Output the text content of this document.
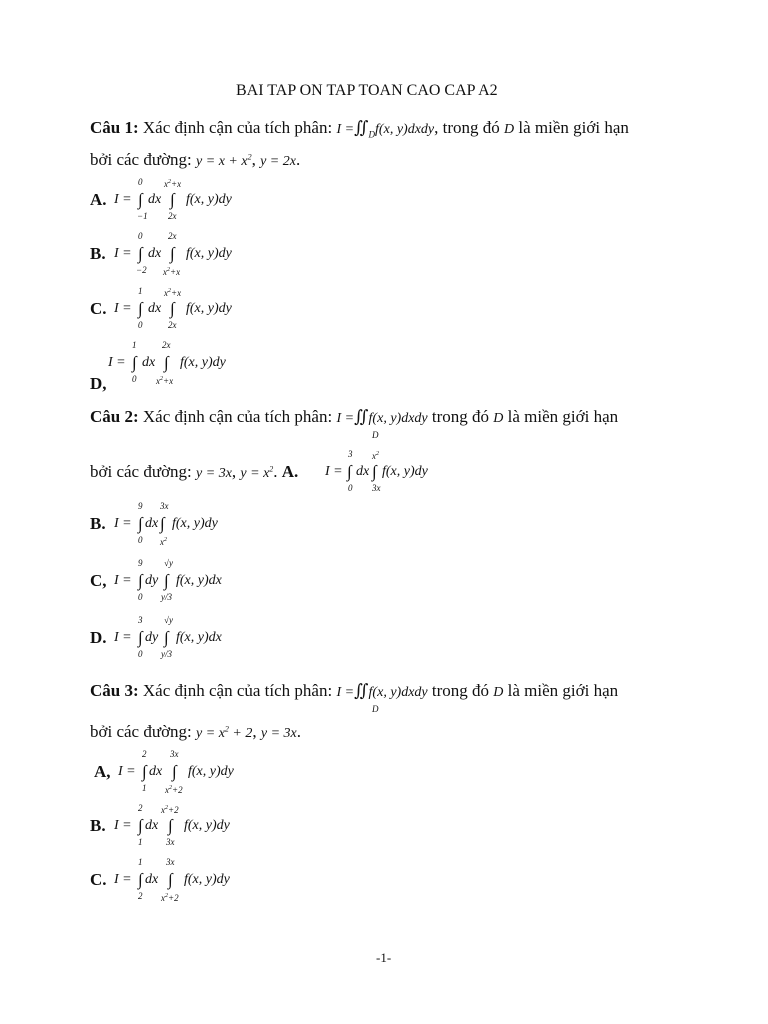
BAI TAP ON TAP TOAN CAO CAP A2
Câu 1: Xác định cận của tích phân: $I =∬_Df(x$, y)dxdy, trong đó D là miền giới hạn
bởi các đường: $y = x + x^2$, y = 2x.
A. I =
0
∫
−1
dx
$x^2+x$
∫
2x
f(x, y)dy
B. I =
0
∫
−2
dx
2x
∫
$x^2+x$
f(x, y)dy
C. I =
1
∫
0
dx
$x^2+x$
∫
2x
f(x, y)dy
I =
1
∫
0
dx
2x
∫
$x^2+x$
f(x, y)dy
D,
Câu 2: Xác định cận của tích phân: I =∬f(x, y)dxdy trong đó D là miền giới hạn
D
bởi các đường: y = 3x, $y = x^2$. A. I =
3
∫
0
dx
$x^2$
∫
3x
f(x, y)dy
B. I =
9
∫
0
dx
3x
∫
$x^2$
f(x, y)dy
C, I =
9
∫
0
dy
√y
∫
y/3
f(x, y)dx
D. I =
3
∫
0
dy
√y
∫
y/3
f(x, y)dx
Câu 3: Xác định cận của tích phân: I =∬f(x, y)dxdy trong đó D là miền giới hạn
D
bởi các đường: $y = x^2 + 2$, y = 3x.
A, I =
2
∫
1
dx
3x
∫
$x^2+2$
f(x, y)dy
B. I =
2
∫
1
dx
$x^2+2$
∫
3x
f(x, y)dy
C. I =
1
∫
2
dx
3x
∫
$x^2+2$
f(x, y)dy
-1-
